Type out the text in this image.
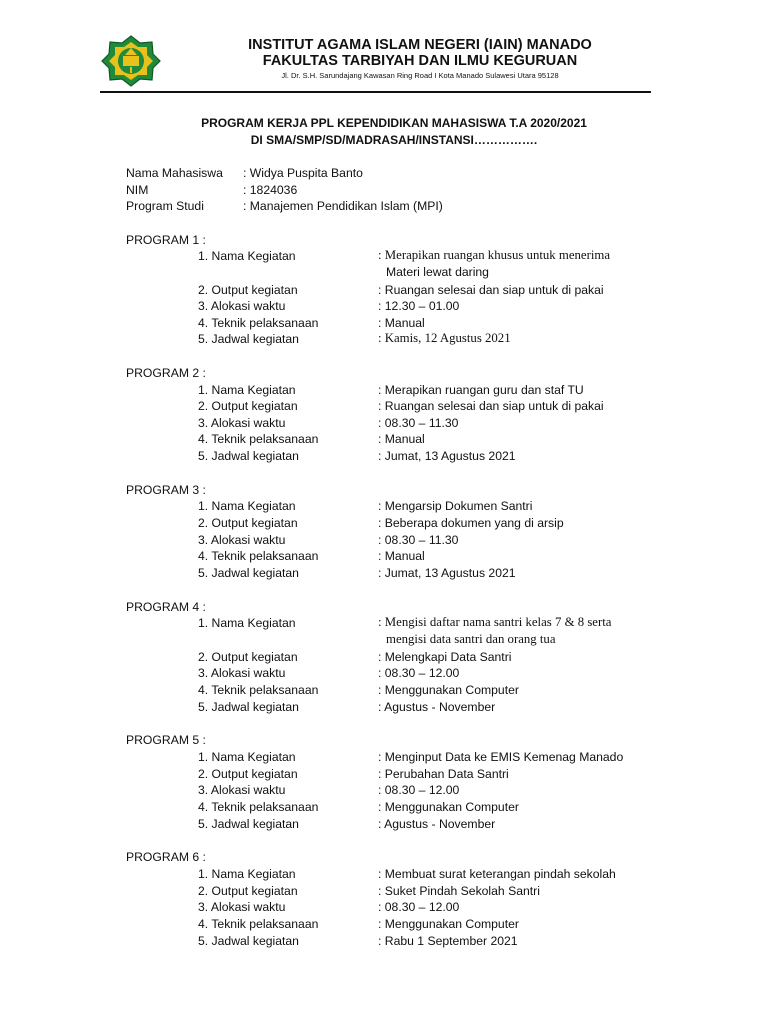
INSTITUT AGAMA ISLAM NEGERI (IAIN) MANADO
FAKULTAS TARBIYAH DAN ILMU KEGURUAN
Jl. Dr. S.H. Sarundajang Kawasan Ring Road I Kota Manado Sulawesi Utara 95128
PROGRAM KERJA PPL KEPENDIDIKAN MAHASISWA T.A 2020/2021
DI SMA/SMP/SD/MADRASAH/INSTANSI…………….
Nama Mahasiswa : Widya Puspita Banto
NIM	: 1824036
Program Studi	: Manajemen Pendidikan Islam (MPI)
PROGRAM 1 :
1. Nama Kegiatan	: Merapikan ruangan khusus untuk menerima
Materi lewat daring
2. Output kegiatan	: Ruangan selesai dan siap untuk di pakai
3. Alokasi waktu	: 12.30 – 01.00
4. Teknik pelaksanaan	: Manual
5. Jadwal kegiatan	: Kamis, 12 Agustus 2021
PROGRAM 2 :
1. Nama Kegiatan	: Merapikan ruangan guru dan staf TU
2. Output kegiatan	: Ruangan selesai dan siap untuk di pakai
3. Alokasi waktu	: 08.30 – 11.30
4. Teknik pelaksanaan	: Manual
5. Jadwal kegiatan	: Jumat, 13 Agustus 2021
PROGRAM 3 :
1. Nama Kegiatan	: Mengarsip Dokumen Santri
2. Output kegiatan	: Beberapa dokumen yang di arsip
3. Alokasi waktu	: 08.30 – 11.30
4. Teknik pelaksanaan	: Manual
5. Jadwal kegiatan	: Jumat, 13 Agustus 2021
PROGRAM 4 :
1. Nama Kegiatan	: Mengisi daftar nama santri kelas 7 & 8 serta
mengisi data santri dan orang tua
2. Output kegiatan	: Melengkapi Data Santri
3. Alokasi waktu	: 08.30 – 12.00
4. Teknik pelaksanaan	: Menggunakan Computer
5. Jadwal kegiatan	: Agustus - November
PROGRAM 5 :
1. Nama Kegiatan	: Menginput Data ke EMIS Kemenag Manado
2. Output kegiatan	: Perubahan Data Santri
3. Alokasi waktu	: 08.30 – 12.00
4. Teknik pelaksanaan	: Menggunakan Computer
5. Jadwal kegiatan	: Agustus - November
PROGRAM 6 :
1. Nama Kegiatan	: Membuat surat keterangan pindah sekolah
2. Output kegiatan	: Suket Pindah Sekolah Santri
3. Alokasi waktu	: 08.30 – 12.00
4. Teknik pelaksanaan	: Menggunakan Computer
5. Jadwal kegiatan	: Rabu 1 September 2021
